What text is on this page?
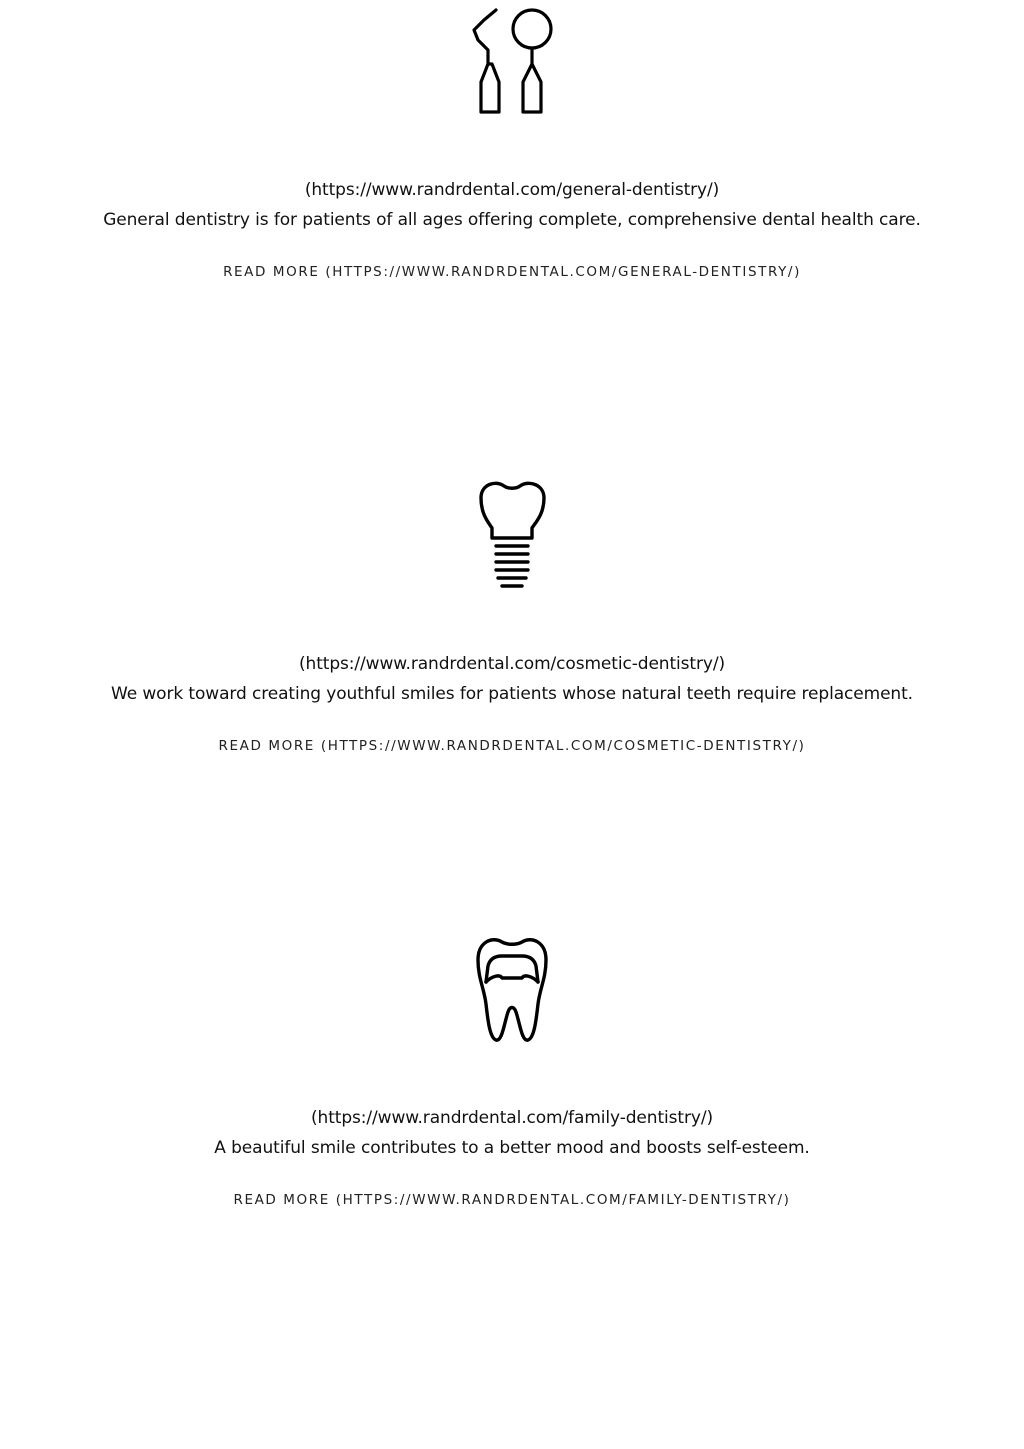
(https://www.randrdental.com/general-dentistry/)

General dentistry is for patients of all ages offering complete, comprehensive dental health care.

READ MORE (HTTPS://WWW.RANDRDENTAL.COM/GENERAL-DENTISTRY/)
(https://www.randrdental.com/cosmetic-dentistry/)

We work toward creating youthful smiles for patients whose natural teeth require replacement.

READ MORE (HTTPS://WWW.RANDRDENTAL.COM/COSMETIC-DENTISTRY/)
(https://www.randrdental.com/family-dentistry/)

A beautiful smile contributes to a better mood and boosts self-esteem.

READ MORE (HTTPS://WWW.RANDRDENTAL.COM/FAMILY-DENTISTRY/)
